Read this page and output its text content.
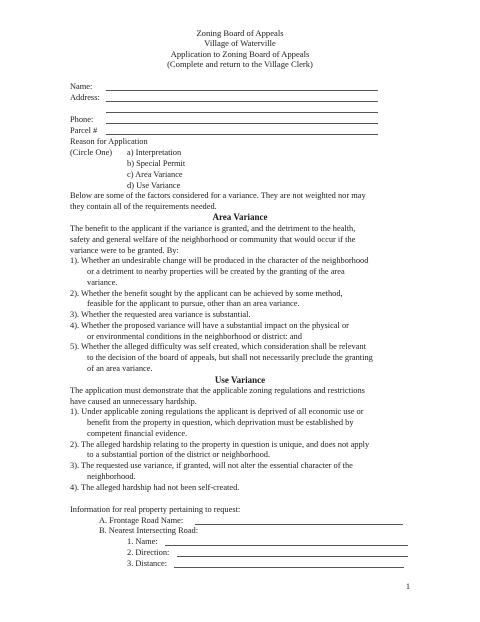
Zoning Board of Appeals
Village of Waterville
Application to Zoning Board of Appeals
(Complete and return to the Village Clerk)
Name:
Address:
Phone:
Parcel #
Reason for Application
(Circle One) a) Interpretation
b) Special Permit
c) Area Variance
d) Use Variance
Below are some of the factors considered for a variance. They are not weighted nor may
they contain all of the requirements needed.
Area Variance
The benefit to the applicant if the variance is granted, and the detriment to the health,
safety and general welfare of the neighborhood or community that would occur if the
variance were to be granted. By:
1). Whether an undesirable change will be produced in the character of the neighborhood
or a detriment to nearby properties will be created by the granting of the area
variance.
2). Whether the benefit sought by the applicant can be achieved by some method,
feasible for the applicant to pursue, other than an area variance.
3). Whether the requested area variance is substantial.
4). Whether the proposed variance will have a substantial impact on the physical or
or environmental conditions in the neighborhood or district: and
5). Whether the alleged difficulty was self created, which consideration shall be relevant
to the decision of the board of appeals, but shall not necessarily preclude the granting
of an area variance.
Use Variance
The application must demonstrate that the applicable zoning regulations and restrictions
have caused an unnecessary hardship.
1). Under applicable zoning regulations the applicant is deprived of all economic use or
benefit from the property in question, which deprivation must be established by
competent financial evidence.
2). The alleged hardship relating to the property in question is unique, and does not apply
to a substantial portion of the district or neighborhood.
3). The requested use variance, if granted, will not alter the essential character of the
neighborhood.
4). The alleged hardship had not been self-created.
Information for real property pertaining to request:
A. Frontage Road Name:
B. Nearest Intersecting Road:
1. Name:
2. Direction:
3. Distance:
1
